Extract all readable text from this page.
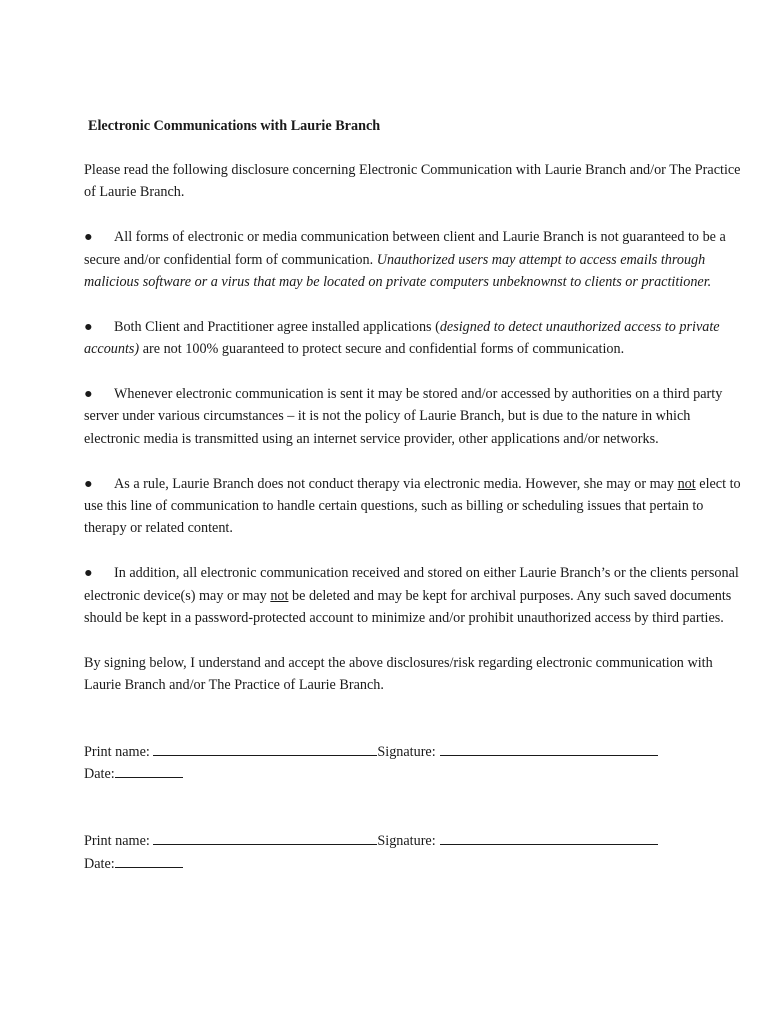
Electronic Communications with Laurie Branch

Please read the following disclosure concerning Electronic Communication with Laurie Branch and/or The Practice of Laurie Branch.

● All forms of electronic or media communication between client and Laurie Branch is not guaranteed to be a secure and/or confidential form of communication. Unauthorized users may attempt to access emails through malicious software or a virus that may be located on private computers unbeknownst to clients or practitioner.

● Both Client and Practitioner agree installed applications (designed to detect unauthorized access to private accounts) are not 100% guaranteed to protect secure and confidential forms of communication.

● Whenever electronic communication is sent it may be stored and/or accessed by authorities on a third party server under various circumstances – it is not the policy of Laurie Branch, but is due to the nature in which electronic media is transmitted using an internet service provider, other applications and/or networks.

● As a rule, Laurie Branch does not conduct therapy via electronic media. However, she may or may not elect to use this line of communication to handle certain questions, such as billing or scheduling issues that pertain to therapy or related content.

● In addition, all electronic communication received and stored on either Laurie Branch’s or the clients personal electronic device(s) may or may not be deleted and may be kept for archival purposes. Any such saved documents should be kept in a password-protected account to minimize and/or prohibit unauthorized access by third parties.

By signing below, I understand and accept the above disclosures/risk regarding electronic communication with Laurie Branch and/or The Practice of Laurie Branch.

Print name:	Signature:
Date:
Print name:	Signature:
Date:
